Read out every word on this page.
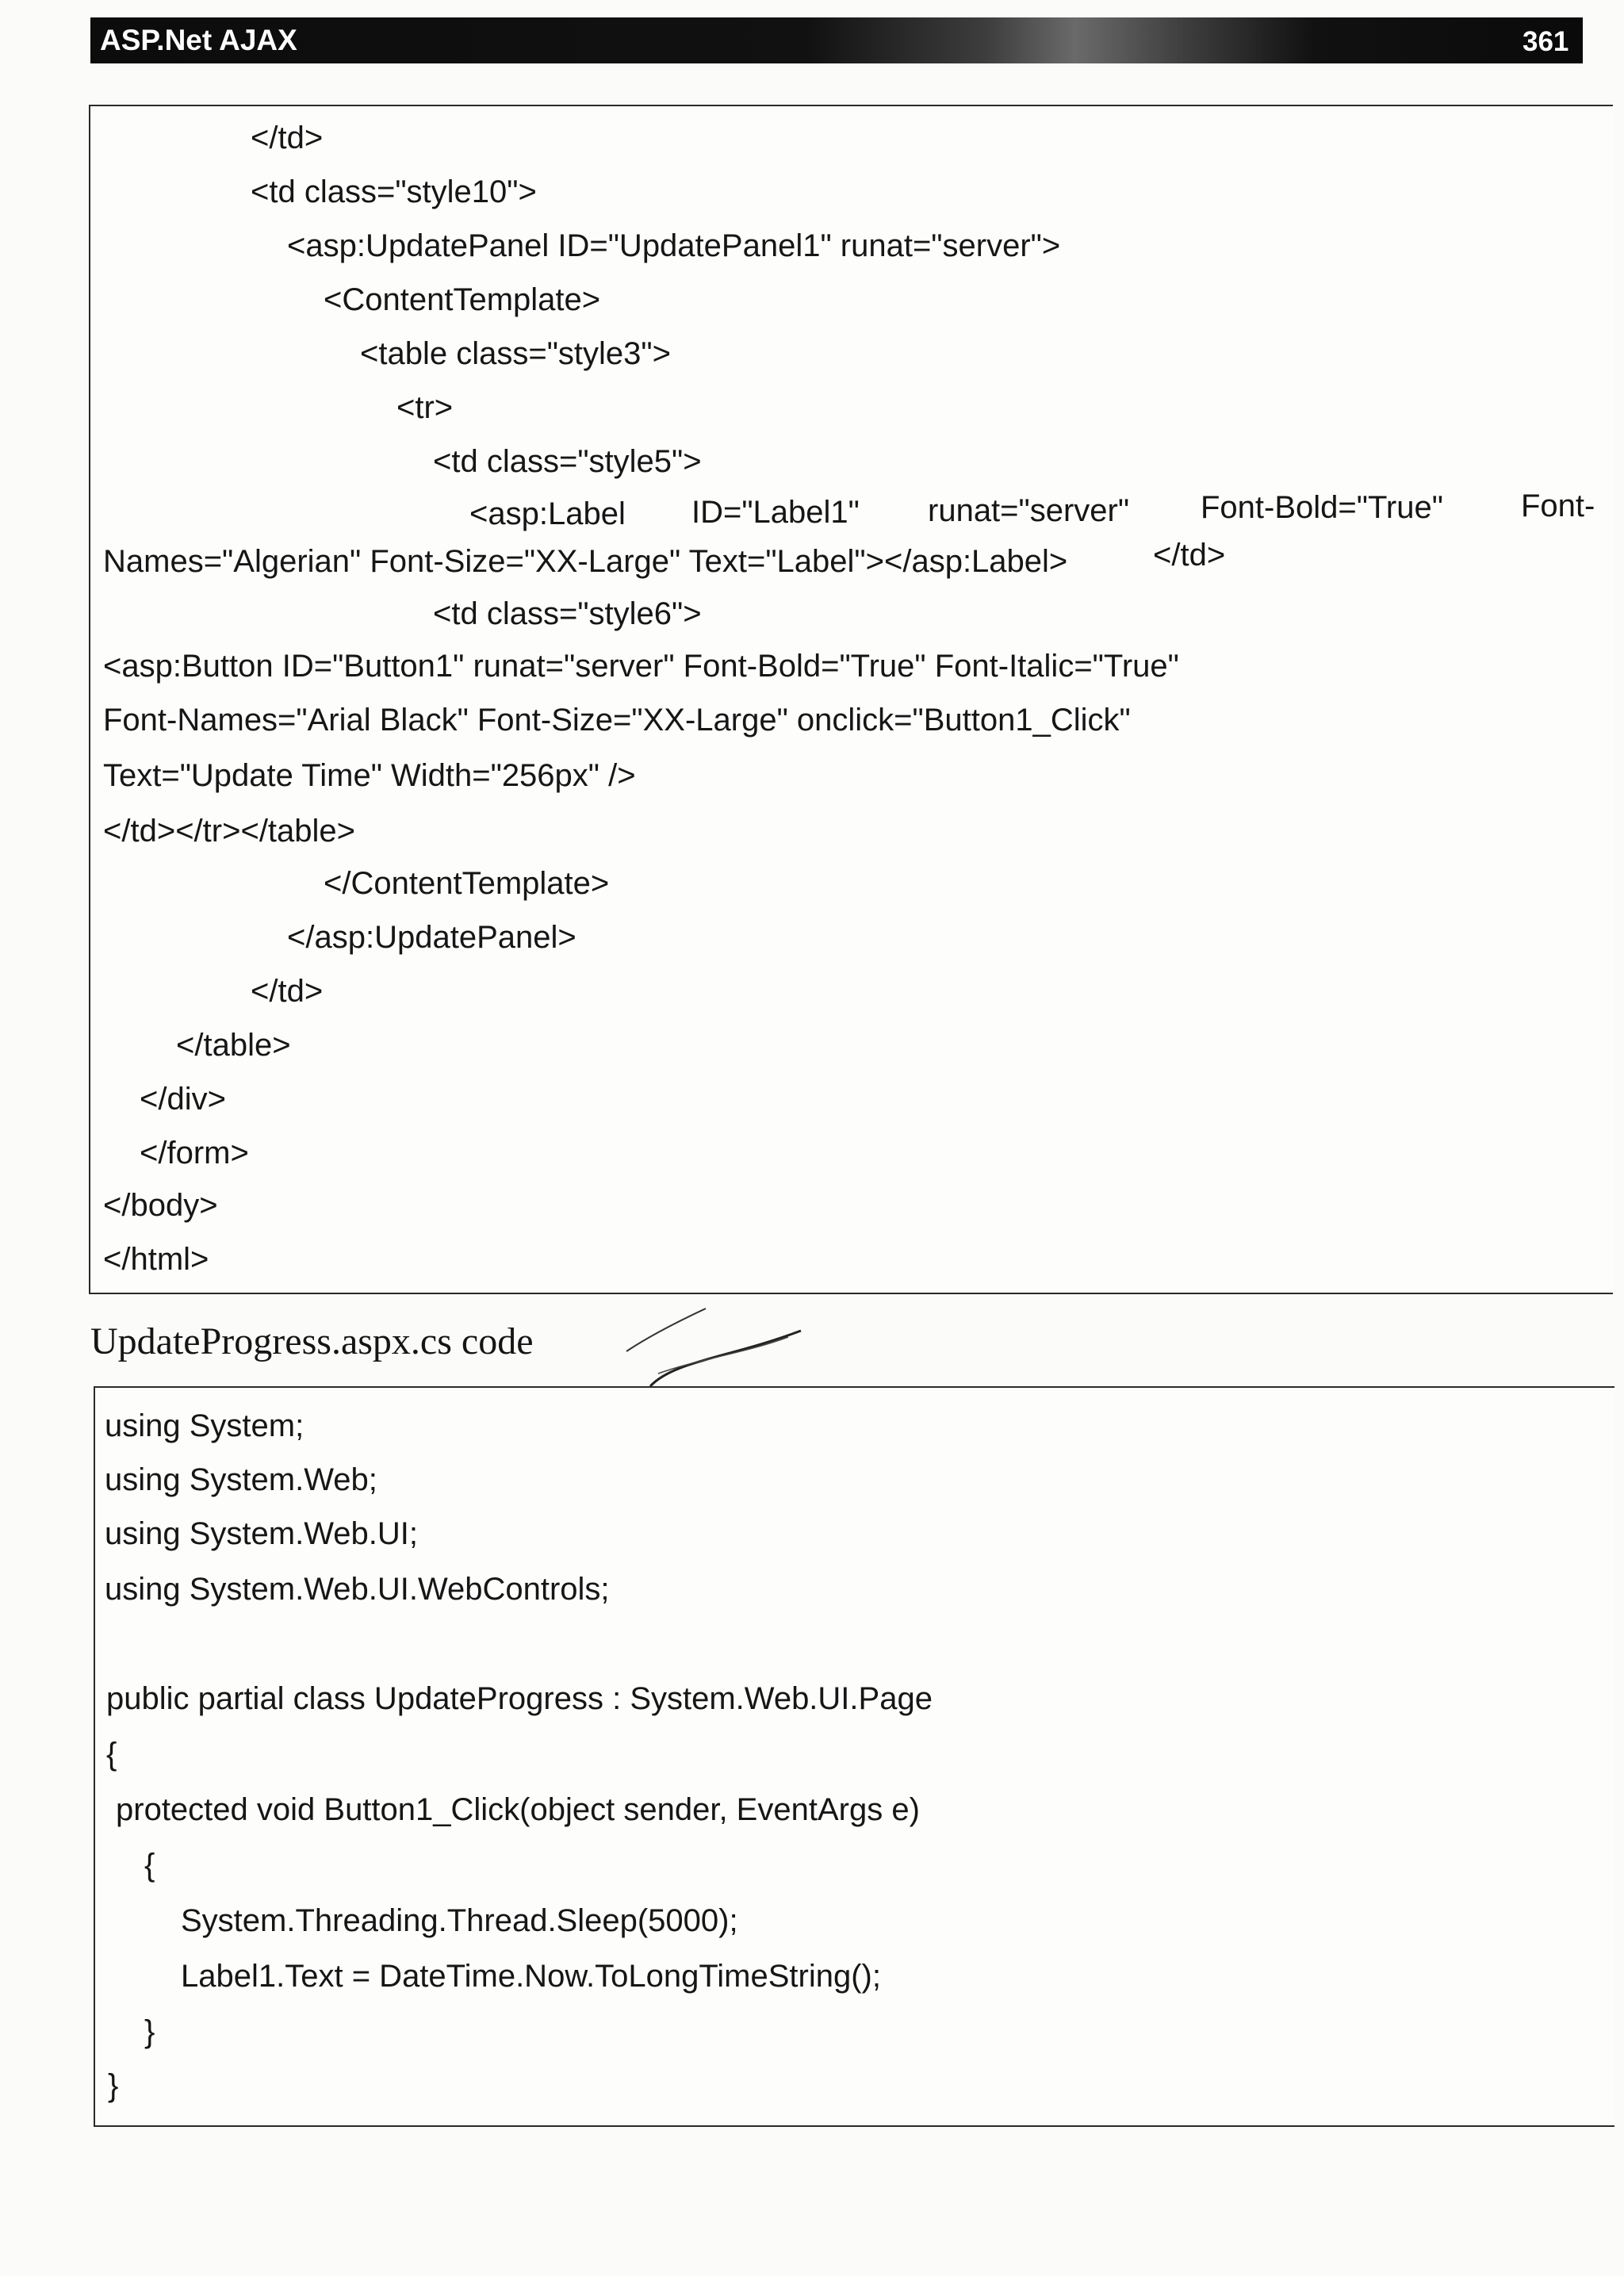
ASP.Net AJAX	361
</td>
<td class="style10">
<asp:UpdatePanel ID="UpdatePanel1" runat="server">
<ContentTemplate>
<table class="style3">
<tr>
<td class="style5">
<asp:Label ID="Label1" runat="server" Font-Bold="True" Font-
Names="Algerian" Font-Size="XX-Large" Text="Label"></asp:Label>	</td>
<td class="style6">
<asp:Button ID="Button1" runat="server" Font-Bold="True" Font-Italic="True"
Font-Names="Arial Black" Font-Size="XX-Large" onclick="Button1_Click"
Text="Update Time" Width="256px" />
</td></tr></table>
</ContentTemplate>
</asp:UpdatePanel>
</td>
</table>
</div>
</form>
</body>
</html>
UpdateProgress.aspx.cs code
using System;
using System.Web;
using System.Web.UI;
using System.Web.UI.WebControls;
public partial class UpdateProgress : System.Web.UI.Page
{
protected void Button1_Click(object sender, EventArgs e)
{
System.Threading.Thread.Sleep(5000);
Label1.Text = DateTime.Now.ToLongTimeString();
}
}
